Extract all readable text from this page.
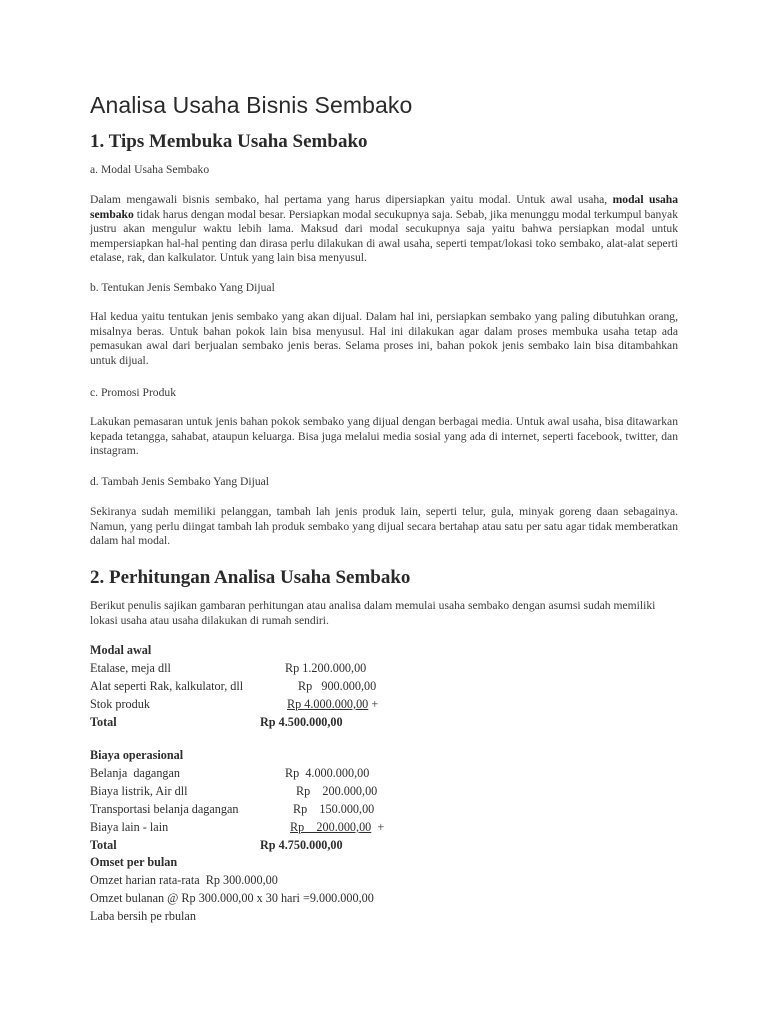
Analisa Usaha Bisnis Sembako
1. Tips Membuka Usaha Sembako
a. Modal Usaha Sembako

Dalam mengawali bisnis sembako, hal pertama yang harus dipersiapkan yaitu modal. Untuk awal usaha, modal usaha sembako tidak harus dengan modal besar. Persiapkan modal secukupnya saja. Sebab, jika menunggu modal terkumpul banyak justru akan mengulur waktu lebih lama. Maksud dari modal secukupnya saja yaitu bahwa persiapkan modal untuk mempersiapkan hal-hal penting dan dirasa perlu dilakukan di awal usaha, seperti tempat/lokasi toko sembako, alat-alat seperti etalase, rak, dan kalkulator. Untuk yang lain bisa menyusul.

b. Tentukan Jenis Sembako Yang Dijual

Hal kedua yaitu tentukan jenis sembako yang akan dijual. Dalam hal ini, persiapkan sembako yang paling dibutuhkan orang, misalnya beras. Untuk bahan pokok lain bisa menyusul. Hal ini dilakukan agar dalam proses membuka usaha tetap ada pemasukan awal dari berjualan sembako jenis beras. Selama proses ini, bahan pokok jenis sembako lain bisa ditambahkan untuk dijual.

c. Promosi Produk

Lakukan pemasaran untuk jenis bahan pokok sembako yang dijual dengan berbagai media. Untuk awal usaha, bisa ditawarkan kepada tetangga, sahabat, ataupun keluarga. Bisa juga melalui media sosial yang ada di internet, seperti facebook, twitter, dan instagram.

d. Tambah Jenis Sembako Yang Dijual

Sekiranya sudah memiliki pelanggan, tambah lah jenis produk lain, seperti telur, gula, minyak goreng daan sebagainya. Namun, yang perlu diingat tambah lah produk sembako yang dijual secara bertahap atau satu per satu agar tidak memberatkan dalam hal modal.

2. Perhitungan Analisa Usaha Sembako

Berikut penulis sajikan gambaran perhitungan atau analisa dalam memulai usaha sembako dengan asumsi sudah memiliki lokasi usaha atau usaha dilakukan di rumah sendiri.

Modal awal
Etalase, meja dll	Rp 1.200.000,00
Alat seperti Rak, kalkulator, dll	Rp   900.000,00
Stok produk	Rp 4.000.000,00 +
Total	Rp 4.500.000,00
Biaya operasional
Belanja  dagangan	Rp  4.000.000,00
Biaya listrik, Air dll	Rp    200.000,00
Transportasi belanja dagangan	Rp    150.000,00
Biaya lain - lain	Rp    200.000,00  +
Total	Rp 4.750.000,00
Omset per bulan
Omzet harian rata-rata  Rp 300.000,00
Omzet bulanan @ Rp 300.000,00 x 30 hari =9.000.000,00
Laba bersih pe rbulan
